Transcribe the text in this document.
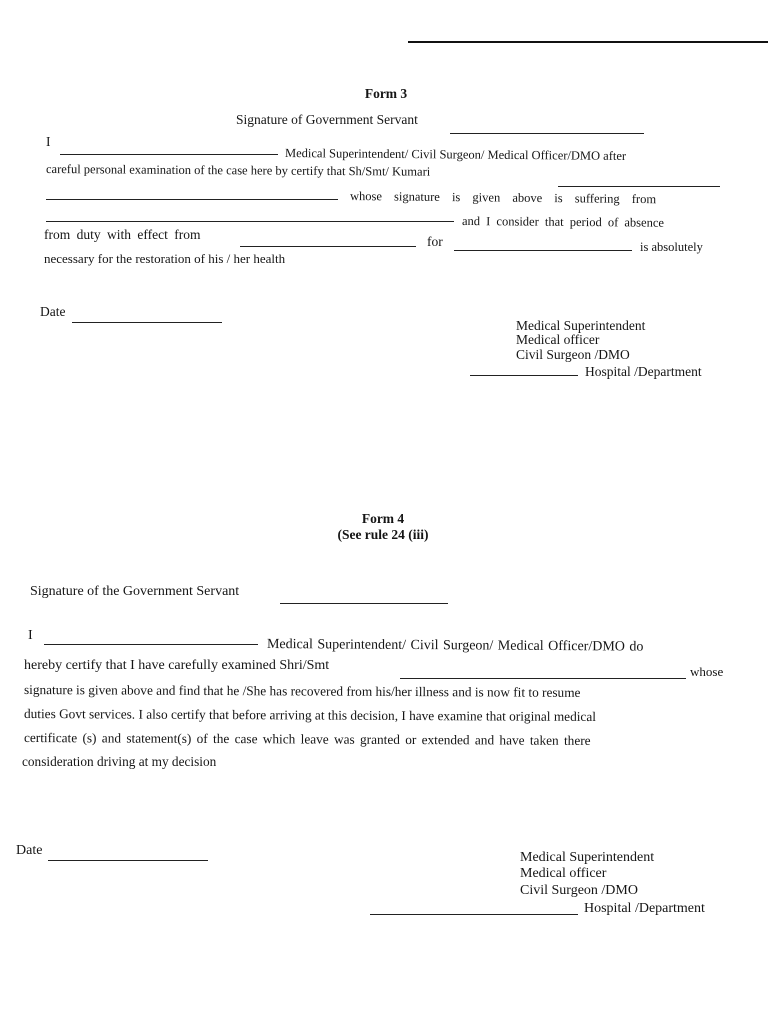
Form 3
Signature of Government Servant
I
Medical Superintendent/ Civil Surgeon/ Medical Officer/DMO after
careful personal examination of the case here by certify that Sh/Smt/ Kumari
whose signature is given above is suffering from
and I consider that period of absence
from duty with effect from	for	is absolutely
necessary for the restoration of his / her health
Date
Medical Superintendent
Medical officer
Civil Surgeon /DMO
Hospital /Department
Form 4
(See rule 24 (iii)
Signature of the Government Servant
I
Medical Superintendent/ Civil Surgeon/ Medical Officer/DMO do
hereby certify that I have carefully examined Shri/Smt	whose
signature is given above and find that he /She has recovered from his/her illness and is now fit to resume
duties Govt services. I also certify that before arriving at this decision, I have examine that original medical
certificate (s) and statement(s) of the case which leave was granted or extended and have taken there
consideration driving at my decision
Date	Medical Superintendent
Medical officer
Civil Surgeon /DMO
Hospital /Department
